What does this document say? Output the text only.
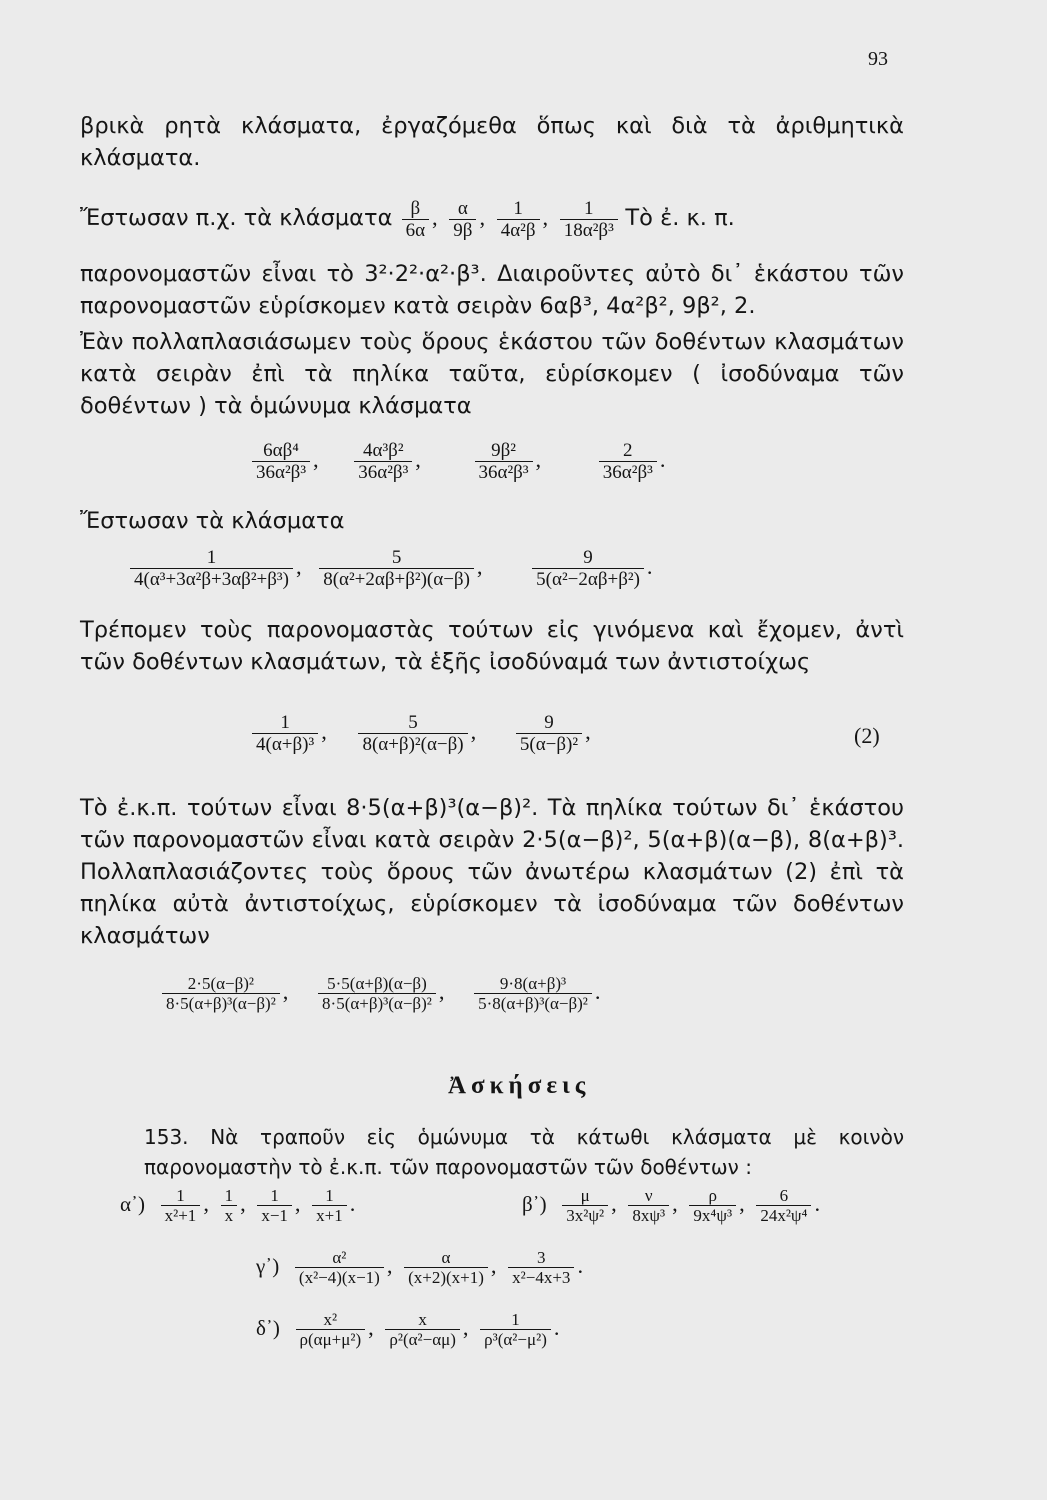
93

βρικὰ ρητὰ κλάσματα, ἐργαζόμεθα ὅπως καὶ διὰ τὰ ἀριθμητικὰ κλάσματα.

Ἔστωσαν π.χ. τὰ κλάσματα $\frac{\beta}{6\alpha}$ , $\frac{\alpha}{9\beta}$ , $\frac{1}{\text{4α²β}}$ , $\frac{1}{\text{18α²β³}}$ Τὸ ἐ. κ. π.

παρονομαστῶν εἶναι τὸ 3²·2²·α²·β³. Διαιροῦντες αὐτὸ δι᾽ ἑκάστου τῶν παρονομαστῶν εὑρίσκομεν κατὰ σειρὰν 6αβ³, 4α²β², 9β², 2.

Ἐὰν πολλαπλασιάσωμεν τοὺς ὅρους ἑκάστου τῶν δοθέντων κλασμάτων κατὰ σειρὰν ἐπὶ τὰ πηλίκα ταῦτα, εὑρίσκομεν ( ἰσοδύναμα τῶν δοθέντων ) τὰ ὁμώνυμα κλάσματα

$\frac{\text{6αβ⁴}}{\text{36α²β³}}$ , $\frac{\text{4α³β²}}{\text{36α²β³}}$ ,	$\frac{\text{9β²}}{\text{36α²β³}}$ ,	$\frac{2}{\text{36α²β³}}$ .
Ἔστωσαν τὰ κλάσματα
$\frac{1}{\text{4(α³+3α²β+3αβ²+β³)}}$ , $\frac{5}{\text{8(α²+2αβ+β²)(α−β)}}$ ,	$\frac{9}{\text{5(α²−2αβ+β²)}}$ .

Τρέπομεν τοὺς παρονομαστὰς τούτων εἰς γινόμενα καὶ ἔχομεν, ἀντὶ τῶν δοθέντων κλασμάτων, τὰ ἑξῆς ἰσοδύναμά των ἀντιστοίχως

$\frac{1}{\text{4(α+β)³}}$ , $\frac{5}{\text{8(α+β)²(α−β)}}$ , $\frac{9}{\text{5(α−β)²}}$ ,	(2)

Τὸ ἐ.κ.π. τούτων εἶναι 8·5(α+β)³(α−β)². Τὰ πηλίκα τούτων δι᾽ ἑκάστου τῶν παρονομαστῶν εἶναι κατὰ σειρὰν 2·5(α−β)², 5(α+β)(α−β), 8(α+β)³. Πολλαπλασιάζοντες τοὺς ὅρους τῶν ἀνωτέρω κλασμάτων (2) ἐπὶ τὰ πηλίκα αὐτὰ ἀντιστοίχως, εὑρίσκομεν τὰ ἰσοδύναμα τῶν δοθέντων κλασμάτων

$\frac{\text{2·5(α−β)²}}{\text{8·5(α+β)³(α−β)²}}$ , $\frac{5\cdot 5(\alpha+\beta)(\alpha-\beta)}{\text{8·5(α+β)³(α−β)²}}$ , $\frac{\text{9·8(α+β)³}}{\text{5·8(α+β)³(α−β)²}}$ .
Ἀσκήσεις

153. Νὰ τραποῦν εἰς ὁμώνυμα τὰ κάτωθι κλάσματα μὲ κοινὸν παρονομαστὴν τὸ ἐ.κ.π. τῶν παρονομαστῶν τῶν δοθέντων :

α᾽) $\frac{1}{\text{x²+1}}$ , $\frac{1}{x}$ , $\frac{1}{x-1}$ , $\frac{1}{x+1}$ .	β᾽) $\frac{\mu}{\text{3x²ψ²}}$ , $\frac{\nu}{\text{8xψ³}}$ , $\frac{\rho}{\text{9x⁴ψ³}}$ , $\frac{6}{\text{24x²ψ⁴}}$ .
γ᾽) $\frac{\text{α²}}{\text{(x²−4)(x−1)}}$ , $\frac{\alpha}{(x+2)(x+1)}$ , $\frac{3}{\text{x²−4x+3}}$ .
δ᾽) $\frac{\text{x²}}{\text{ρ(αμ+μ²)}}$ , $\frac{x}{\text{ρ²(α²−αμ)}}$ , $\frac{1}{\text{ρ³(α²−μ²)}}$ .
